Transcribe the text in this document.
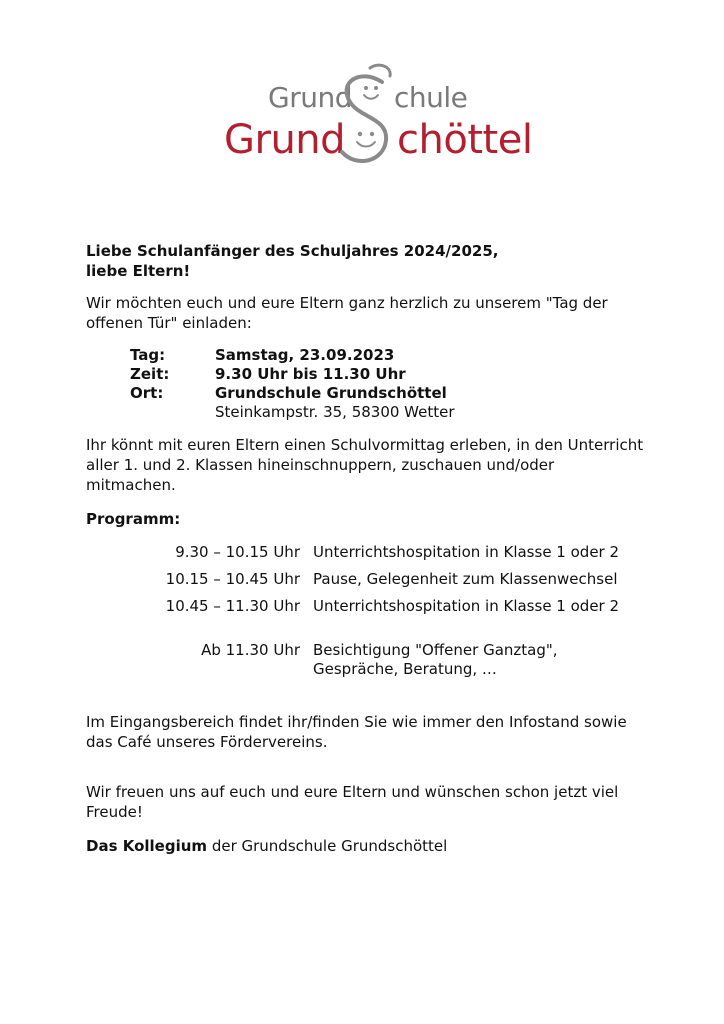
Grund chule
Grund chöttel
Liebe Schulanfänger des Schuljahres 2024/2025,
liebe Eltern!
Wir möchten euch und eure Eltern ganz herzlich zu unserem "Tag der
offenen Tür" einladen:
Tag:	Samstag, 23.09.2023
Zeit:	9.30 Uhr bis 11.30 Uhr
Ort:	Grundschule Grundschöttel
Steinkampstr. 35, 58300 Wetter
Ihr könnt mit euren Eltern einen Schulvormittag erleben, in den Unterricht
aller 1. und 2. Klassen hineinschnuppern, zuschauen und/oder
mitmachen.
Programm:
9.30 – 10.15 Uhr Unterrichtshospitation in Klasse 1 oder 2
10.15 – 10.45 Uhr Pause, Gelegenheit zum Klassenwechsel
10.45 – 11.30 Uhr Unterrichtshospitation in Klasse 1 oder 2
Ab 11.30 Uhr Besichtigung "Offener Ganztag",
Gespräche, Beratung, …
Im Eingangsbereich findet ihr/finden Sie wie immer den Infostand sowie
das Café unseres Fördervereins.
Wir freuen uns auf euch und eure Eltern und wünschen schon jetzt viel
Freude!
Das Kollegium der Grundschule Grundschöttel
